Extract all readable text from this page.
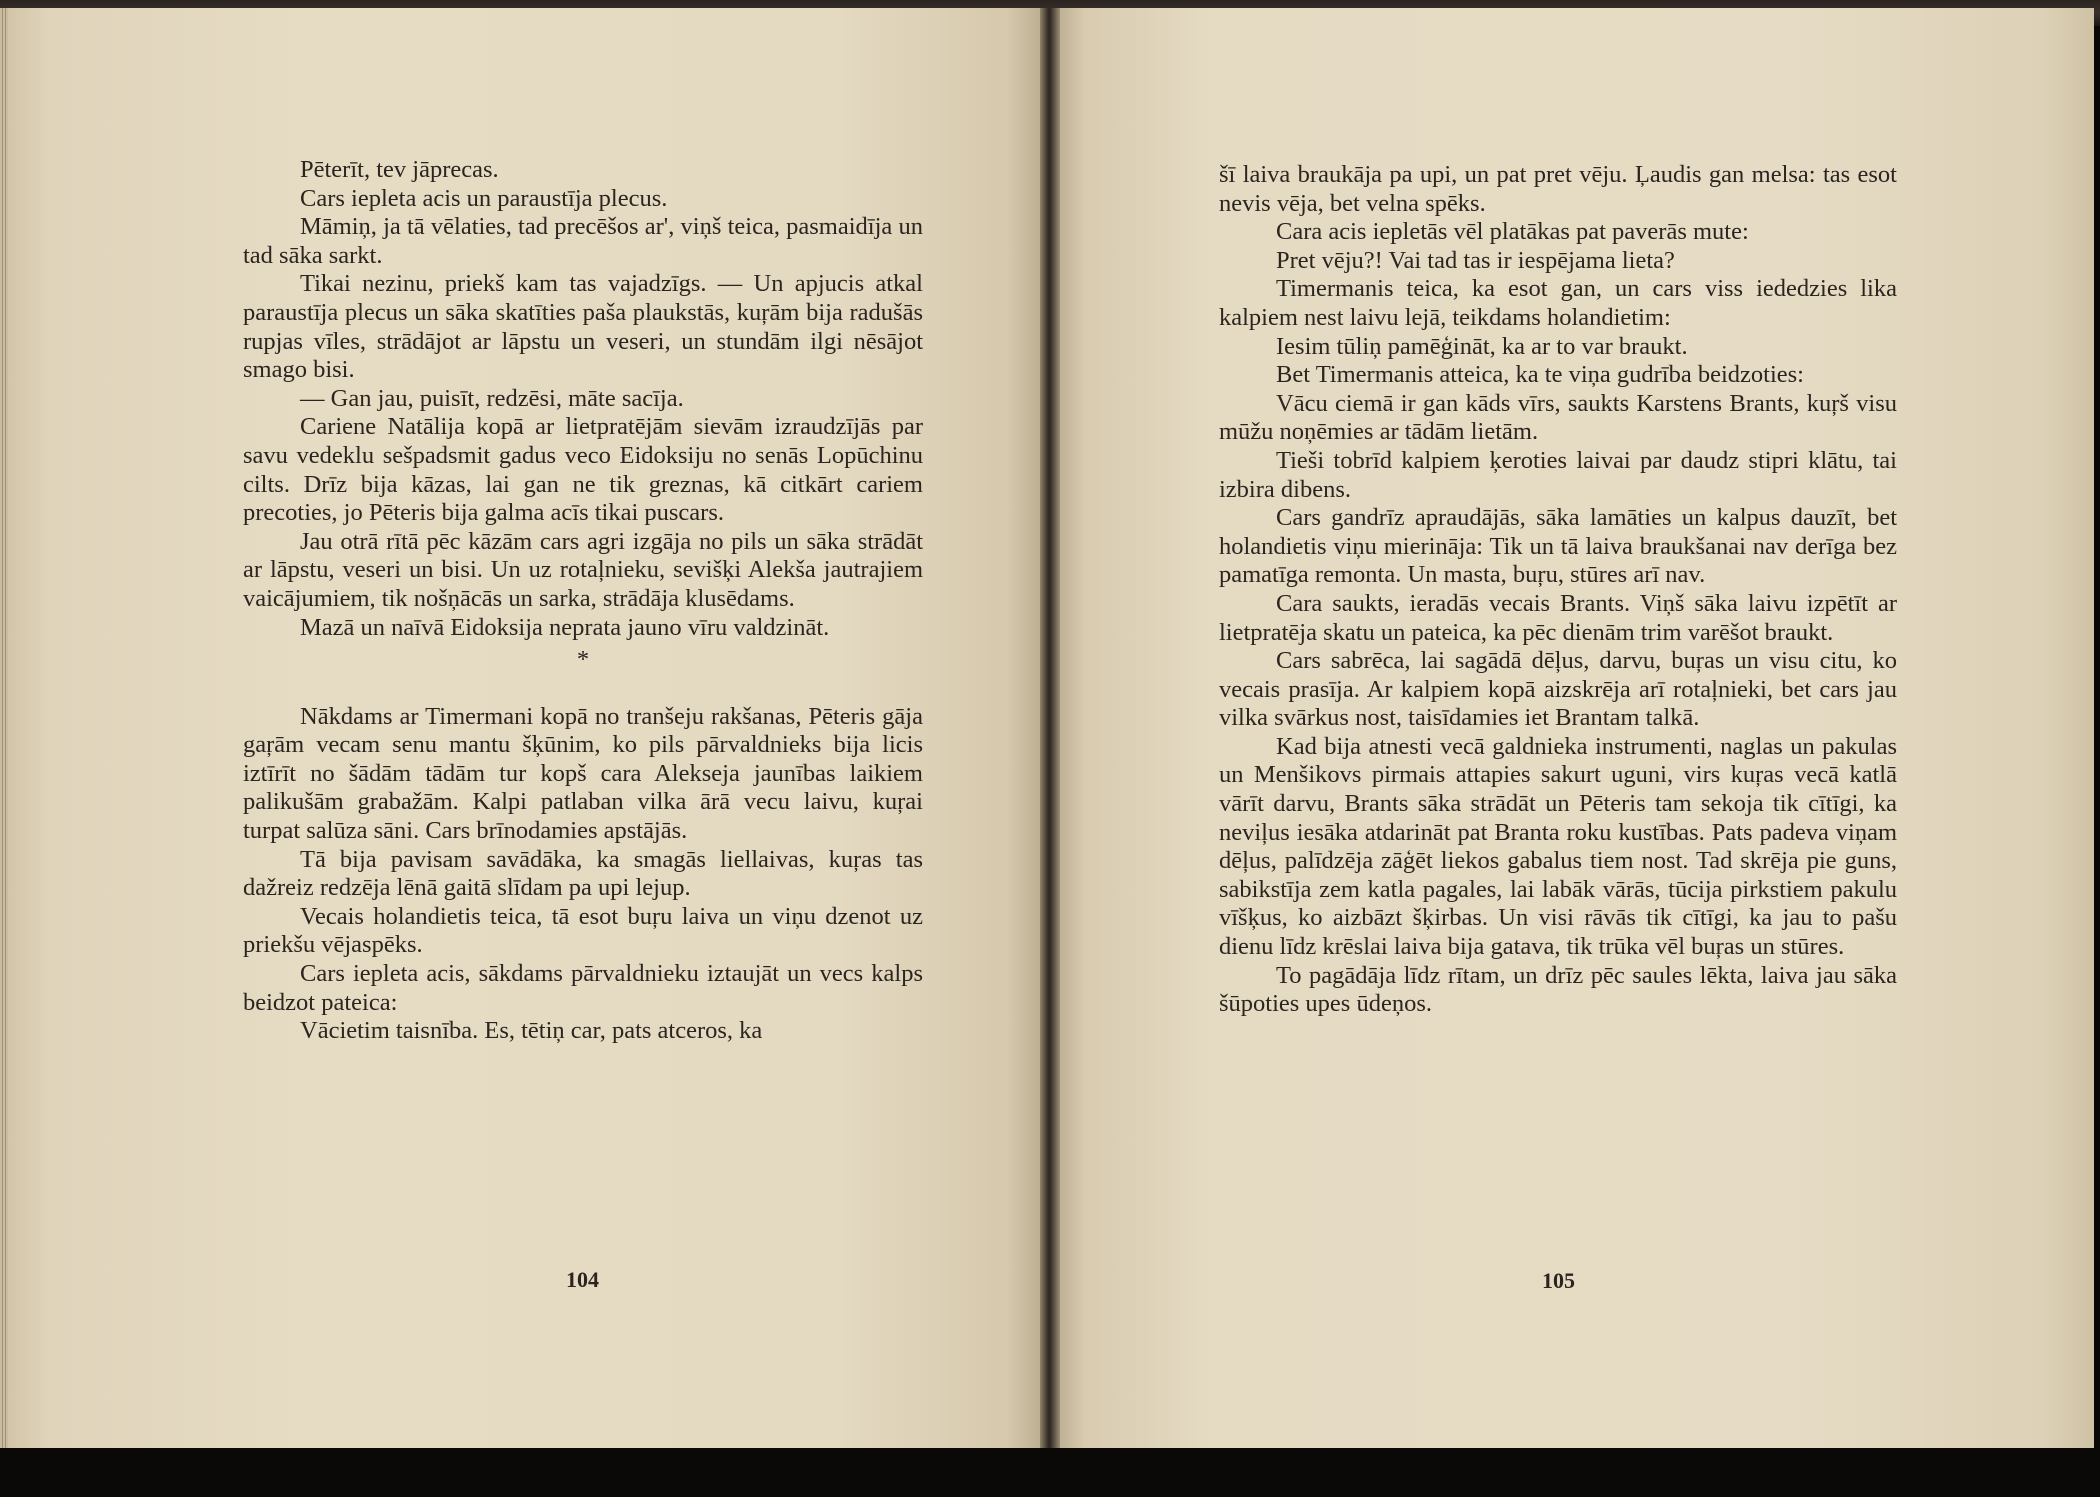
Pēterīt, tev jāprecas.

Cars iepleta acis un paraustīja plecus.

Māmiņ, ja tā vēlaties, tad precēšos ar', viņš teica, pasmaidīja un tad sāka sarkt.

Tikai nezinu, priekš kam tas vajadzīgs. — Un apjucis atkal paraustīja plecus un sāka skatīties paša plaukstās, kuŗām bija radušās rupjas vīles, strādājot ar lāpstu un veseri, un stundām ilgi nēsājot smago bisi.

— Gan jau, puisīt, redzēsi, māte sacīja.

Cariene Natālija kopā ar lietpratējām sievām izraudzījās par savu vedeklu sešpadsmit gadus veco Eidoksiju no senās Lopūchinu cilts. Drīz bija kāzas, lai gan ne tik greznas, kā citkārt cariem precoties, jo Pēteris bija galma acīs tikai puscars.

Jau otrā rītā pēc kāzām cars agri izgāja no pils un sāka strādāt ar lāpstu, veseri un bisi. Un uz rotaļnieku, sevišķi Alekša jautrajiem vaicājumiem, tik nošņācās un sarka, strādāja klusēdams.

Mazā un naīvā Eidoksija neprata jauno vīru valdzināt.

*

Nākdams ar Timermani kopā no tranšeju rakšanas, Pēteris gāja gaŗām vecam senu mantu šķūnim, ko pils pārvaldnieks bija licis iztīrīt no šādām tādām tur kopš cara Alekseja jaunības laikiem palikušām grabažām. Kalpi patlaban vilka ārā vecu laivu, kuŗai turpat salūza sāni. Cars brīnodamies apstājās.

Tā bija pavisam savādāka, ka smagās liellaivas, kuŗas tas dažreiz redzēja lēnā gaitā slīdam pa upi lejup.

Vecais holandietis teica, tā esot buŗu laiva un viņu dzenot uz priekšu vējaspēks.

Cars iepleta acis, sākdams pārvaldnieku iztaujāt un vecs kalps beidzot pateica:

Vācietim taisnība. Es, tētiņ car, pats atceros, ka

104

šī laiva braukāja pa upi, un pat pret vēju. Ļaudis gan melsa: tas esot nevis vēja, bet velna spēks.

Cara acis iepletās vēl platākas pat paverās mute:

Pret vēju?! Vai tad tas ir iespējama lieta?

Timermanis teica, ka esot gan, un cars viss iededzies lika kalpiem nest laivu lejā, teikdams holandietim:

Iesim tūliņ pamēģināt, ka ar to var braukt.

Bet Timermanis atteica, ka te viņa gudrība beidzoties:

Vācu ciemā ir gan kāds vīrs, saukts Karstens Brants, kuŗš visu mūžu noņēmies ar tādām lietām.

Tieši tobrīd kalpiem ķeroties laivai par daudz stipri klātu, tai izbira dibens.

Cars gandrīz apraudājās, sāka lamāties un kalpus dauzīt, bet holandietis viņu mierināja: Tik un tā laiva braukšanai nav derīga bez pamatīga remonta. Un masta, buŗu, stūres arī nav.

Cara saukts, ieradās vecais Brants. Viņš sāka laivu izpētīt ar lietpratēja skatu un pateica, ka pēc dienām trim varēšot braukt.

Cars sabrēca, lai sagādā dēļus, darvu, buŗas un visu citu, ko vecais prasīja. Ar kalpiem kopā aizskrēja arī rotaļnieki, bet cars jau vilka svārkus nost, taisīdamies iet Brantam talkā.

Kad bija atnesti vecā galdnieka instrumenti, naglas un pakulas un Menšikovs pirmais attapies sakurt uguni, virs kuŗas vecā katlā vārīt darvu, Brants sāka strādāt un Pēteris tam sekoja tik cītīgi, ka neviļus iesāka atdarināt pat Branta roku kustības. Pats padeva viņam dēļus, palīdzēja zāģēt liekos gabalus tiem nost. Tad skrēja pie guns, sabikstīja zem katla pagales, lai labāk vārās, tūcija pirkstiem pakulu vīšķus, ko aizbāzt šķirbas. Un visi rāvās tik cītīgi, ka jau to pašu dienu līdz krēslai laiva bija gatava, tik trūka vēl buŗas un stūres.

To pagādāja līdz rītam, un drīz pēc saules lēkta, laiva jau sāka šūpoties upes ūdeņos.

105
